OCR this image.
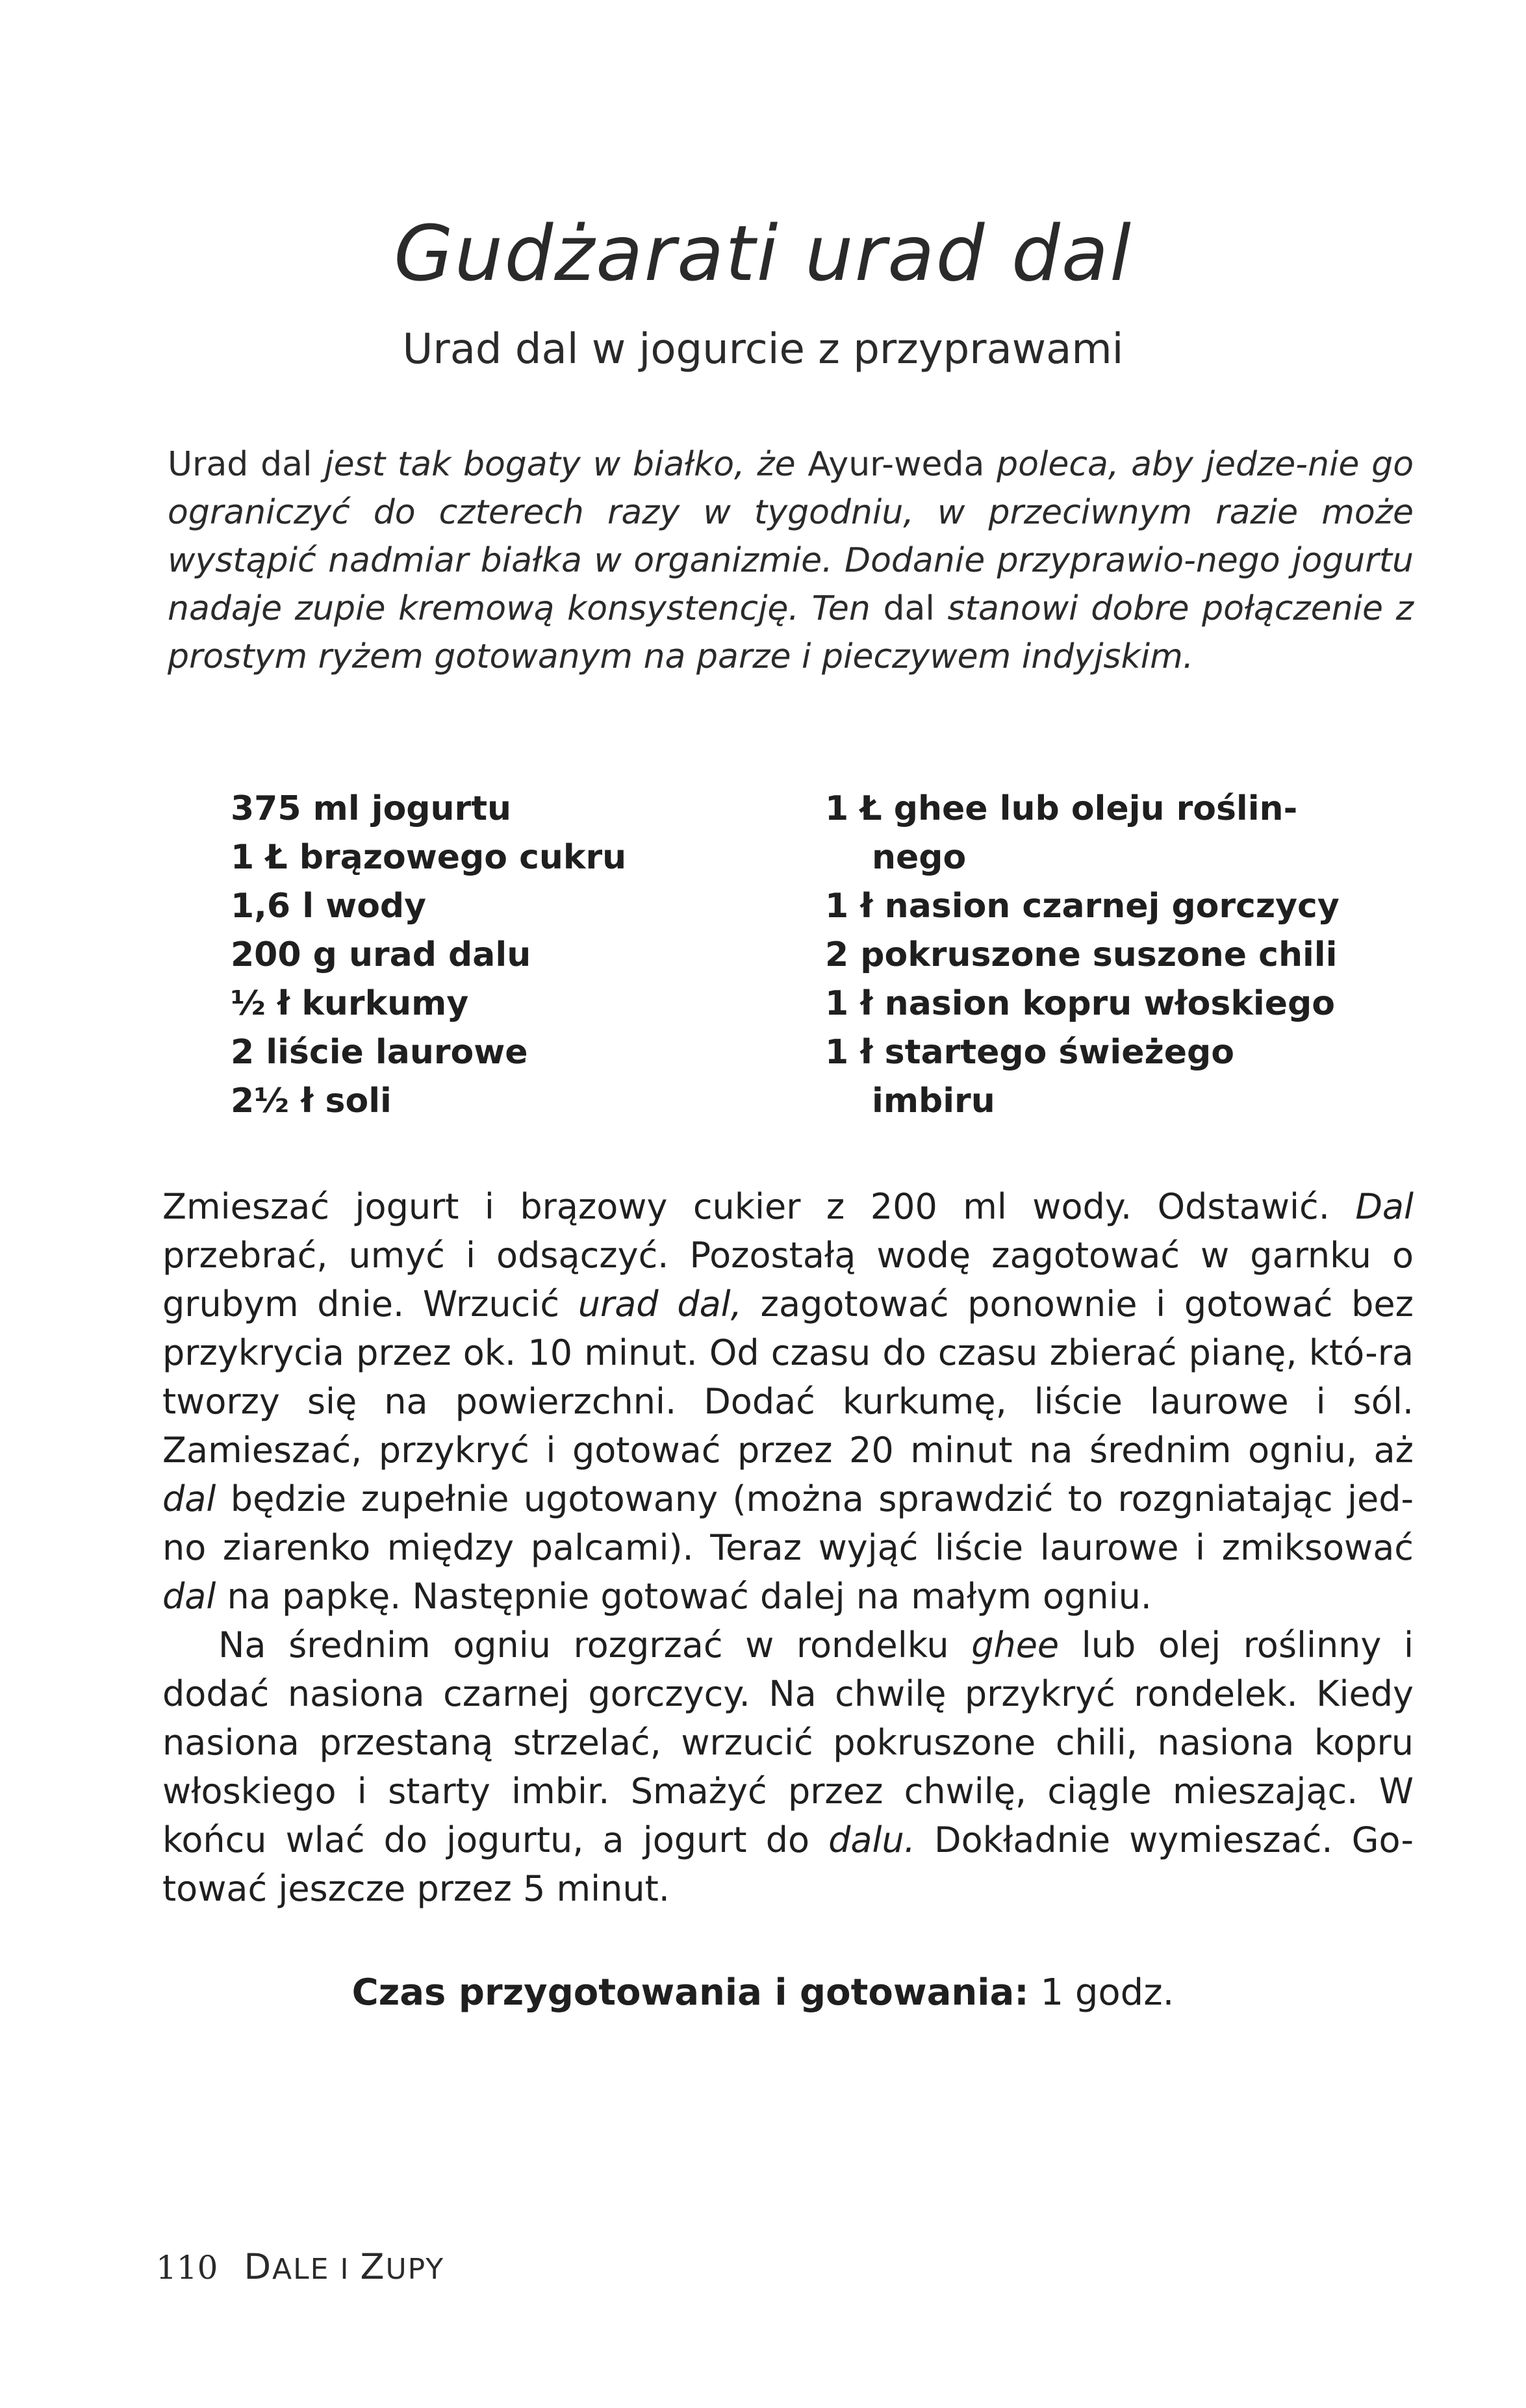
Gudżarati urad dal
Urad dal w jogurcie z przyprawami
Urad dal jest tak bogaty w białko, że Ayur-weda poleca, aby jedze-nie go ograniczyć do czterech razy w tygodniu, w przeciwnym razie może wystąpić nadmiar białka w organizmie. Dodanie przyprawio-nego jogurtu nadaje zupie kremową konsystencję. Ten dal stanowi dobre połączenie z prostym ryżem gotowanym na parze i pieczywem indyjskim.
375 ml jogurtu
1 Ł brązowego cukru
1,6 l wody
200 g urad dalu
½ ł kurkumy
2 liście laurowe
2½ ł soli
1 Ł ghee lub oleju roślin-
nego
1 ł nasion czarnej gorczycy
2 pokruszone suszone chili
1 ł nasion kopru włoskiego
1 ł startego świeżego
imbiru

Zmieszać jogurt i brązowy cukier z 200 ml wody. Odstawić. Dal przebrać, umyć i odsączyć. Pozostałą wodę zagotować w garnku o grubym dnie. Wrzucić urad dal, zagotować ponownie i gotować bez przykrycia przez ok. 10 minut. Od czasu do czasu zbierać pianę, któ-ra tworzy się na powierzchni. Dodać kurkumę, liście laurowe i sól. Zamieszać, przykryć i gotować przez 20 minut na średnim ogniu, aż dal będzie zupełnie ugotowany (można sprawdzić to rozgniatając jed-no ziarenko między palcami). Teraz wyjąć liście laurowe i zmiksować dal na papkę. Następnie gotować dalej na małym ogniu.

Na średnim ogniu rozgrzać w rondelku ghee lub olej roślinny i dodać nasiona czarnej gorczycy. Na chwilę przykryć rondelek. Kiedy nasiona przestaną strzelać, wrzucić pokruszone chili, nasiona kopru włoskiego i starty imbir. Smażyć przez chwilę, ciągle mieszając. W końcu wlać do jogurtu, a jogurt do dalu. Dokładnie wymieszać. Go-tować jeszcze przez 5 minut.

Czas przygotowania i gotowania: 1 godz.
110 DALE I ZUPY
